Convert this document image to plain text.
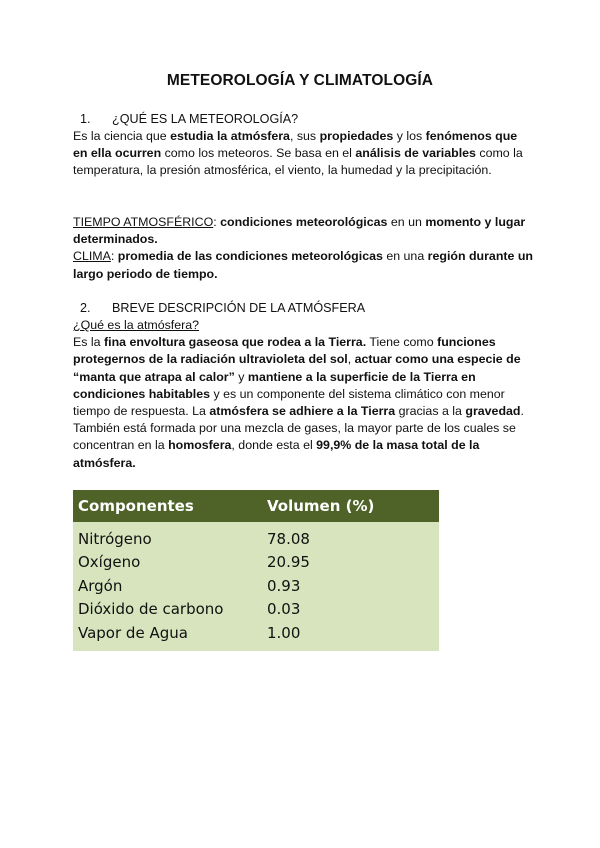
METEOROLOGÍA Y CLIMATOLOGÍA
1. ¿QUÉ ES LA METEOROLOGÍA?

Es la ciencia que estudia la atmósfera, sus propiedades y los fenómenos que en ella ocurren como los meteoros. Se basa en el análisis de variables como la temperatura, la presión atmosférica, el viento, la humedad y la precipitación.

TIEMPO ATMOSFÉRICO: condiciones meteorológicas en un momento y lugar determinados.

CLIMA: promedia de las condiciones meteorológicas en una región durante un largo periodo de tiempo.

2. BREVE DESCRIPCIÓN DE LA ATMÓSFERA

¿Qué es la atmósfera?

Es la fina envoltura gaseosa que rodea a la Tierra. Tiene como funciones protegernos de la radiación ultravioleta del sol, actuar como una especie de “manta que atrapa al calor” y mantiene a la superficie de la Tierra en condiciones habitables y es un componente del sistema climático con menor tiempo de respuesta. La atmósfera se adhiere a la Tierra gracias a la gravedad. También está formada por una mezcla de gases, la mayor parte de los cuales se concentran en la homosfera, donde esta el 99,9% de la masa total de la atmósfera.

Componentes	Volumen (%)
Nitrógeno	78.08
Oxígeno	20.95
Argón	0.93
Dióxido de carbono	0.03
Vapor de Agua	1.00
